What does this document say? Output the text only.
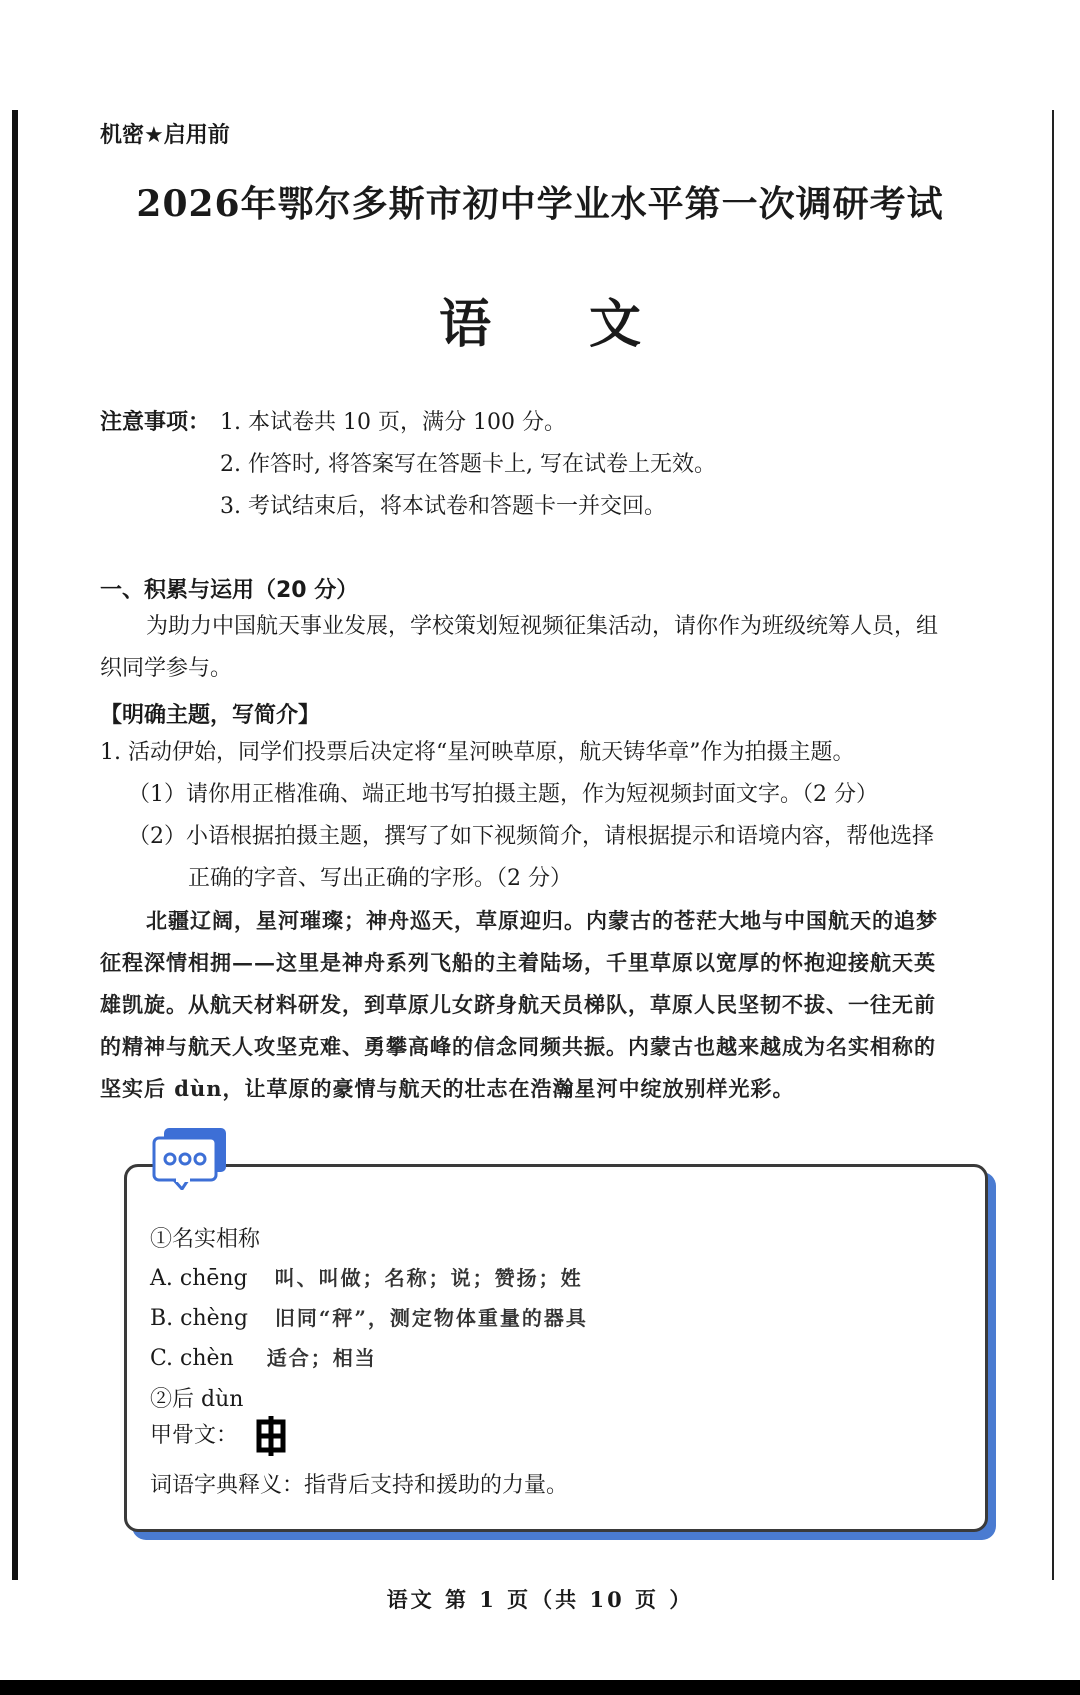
机密★启用前
2026年鄂尔多斯市初中学业水平第一次调研考试
语 文
注意事项： 1. 本试卷共 10 页，满分 100 分。
2. 作答时, 将答案写在答题卡上, 写在试卷上无效。
3. 考试结束后，将本试卷和答题卡一并交回。
一、积累与运用（20 分）
为助力中国航天事业发展，学校策划短视频征集活动，请你作为班级统筹人员，组
织同学参与。
【明确主题，写简介】
1. 活动伊始，同学们投票后决定将“星河映草原，航天铸华章”作为拍摄主题。
（1）请你用正楷准确、端正地书写拍摄主题，作为短视频封面文字。（2 分）
（2）小语根据拍摄主题，撰写了如下视频简介，请根据提示和语境内容，帮他选择
正确的字音、写出正确的字形。（2 分）
北疆辽阔，星河璀璨；神舟巡天，草原迎归。内蒙古的苍茫大地与中国航天的追梦
征程深情相拥——这里是神舟系列飞船的主着陆场，千里草原以宽厚的怀抱迎接航天英
雄凯旋。从航天材料研发，到草原儿女跻身航天员梯队，草原人民坚韧不拔、一往无前
的精神与航天人攻坚克难、勇攀高峰的信念同频共振。内蒙古也越来越成为名实相称的
坚实后 dùn，让草原的豪情与航天的壮志在浩瀚星河中绽放别样光彩。
①名实相称
A. chēng 叫、叫做；名称；说；赞扬；姓
B. chèng 旧同“秤”，测定物体重量的器具
C. chèn 适合；相当
②后 dùn
甲骨文：
词语字典释义：指背后支持和援助的力量。
语文 第 1 页（共 10 页 ）
